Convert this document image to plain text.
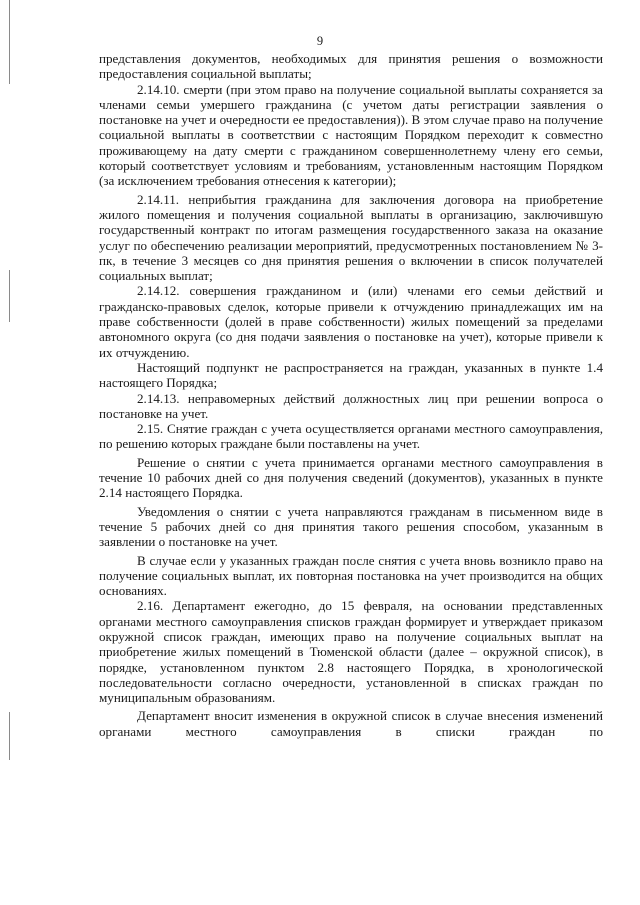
9

представления документов, необходимых для принятия решения о возможности предоставления социальной выплаты;

2.14.10. смерти (при этом право на получение социальной выплаты сохраняется за членами семьи умершего гражданина (с учетом даты регистрации заявления о постановке на учет и очередности ее предоставления)). В этом случае право на получение социальной выплаты в соответствии с настоящим Порядком переходит к совместно проживающему на дату смерти с гражданином совершеннолетнему члену его семьи, который соответствует условиям и требованиям, установленным настоящим Порядком (за исключением требования отнесения к категории);

2.14.11. неприбытия гражданина для заключения договора на приобретение жилого помещения и получения социальной выплаты в организацию, заключившую государственный контракт по итогам размещения государственного заказа на оказание услуг по обеспечению реализации мероприятий, предусмотренных постановлением № 3-пк, в течение 3 месяцев со дня принятия решения о включении в список получателей социальных выплат;

2.14.12. совершения гражданином и (или) членами его семьи действий и гражданско-правовых сделок, которые привели к отчуждению принадлежащих им на праве собственности (долей в праве собственности) жилых помещений за пределами автономного округа (со дня подачи заявления о постановке на учет), которые привели к их отчуждению.

Настоящий подпункт не распространяется на граждан, указанных в пункте 1.4 настоящего Порядка;

2.14.13. неправомерных действий должностных лиц при решении вопроса о постановке на учет.

2.15. Снятие граждан с учета осуществляется органами местного самоуправления, по решению которых граждане были поставлены на учет.

Решение о снятии с учета принимается органами местного самоуправления в течение 10 рабочих дней со дня получения сведений (документов), указанных в пункте 2.14 настоящего Порядка.

Уведомления о снятии с учета направляются гражданам в письменном виде в течение 5 рабочих дней со дня принятия такого решения способом, указанным в заявлении о постановке на учет.

В случае если у указанных граждан после снятия с учета вновь возникло право на получение социальных выплат, их повторная постановка на учет производится на общих основаниях.

2.16. Департамент ежегодно, до 15 февраля, на основании представленных органами местного самоуправления списков граждан формирует и утверждает приказом окружной список граждан, имеющих право на получение социальных выплат на приобретение жилых помещений в Тюменской области (далее – окружной список), в порядке, установленном пунктом 2.8 настоящего Порядка, в хронологической последовательности согласно очередности, установленной в списках граждан по муниципальным образованиям.

Департамент вносит изменения в окружной список в случае внесения изменений органами местного самоуправления в списки граждан по
